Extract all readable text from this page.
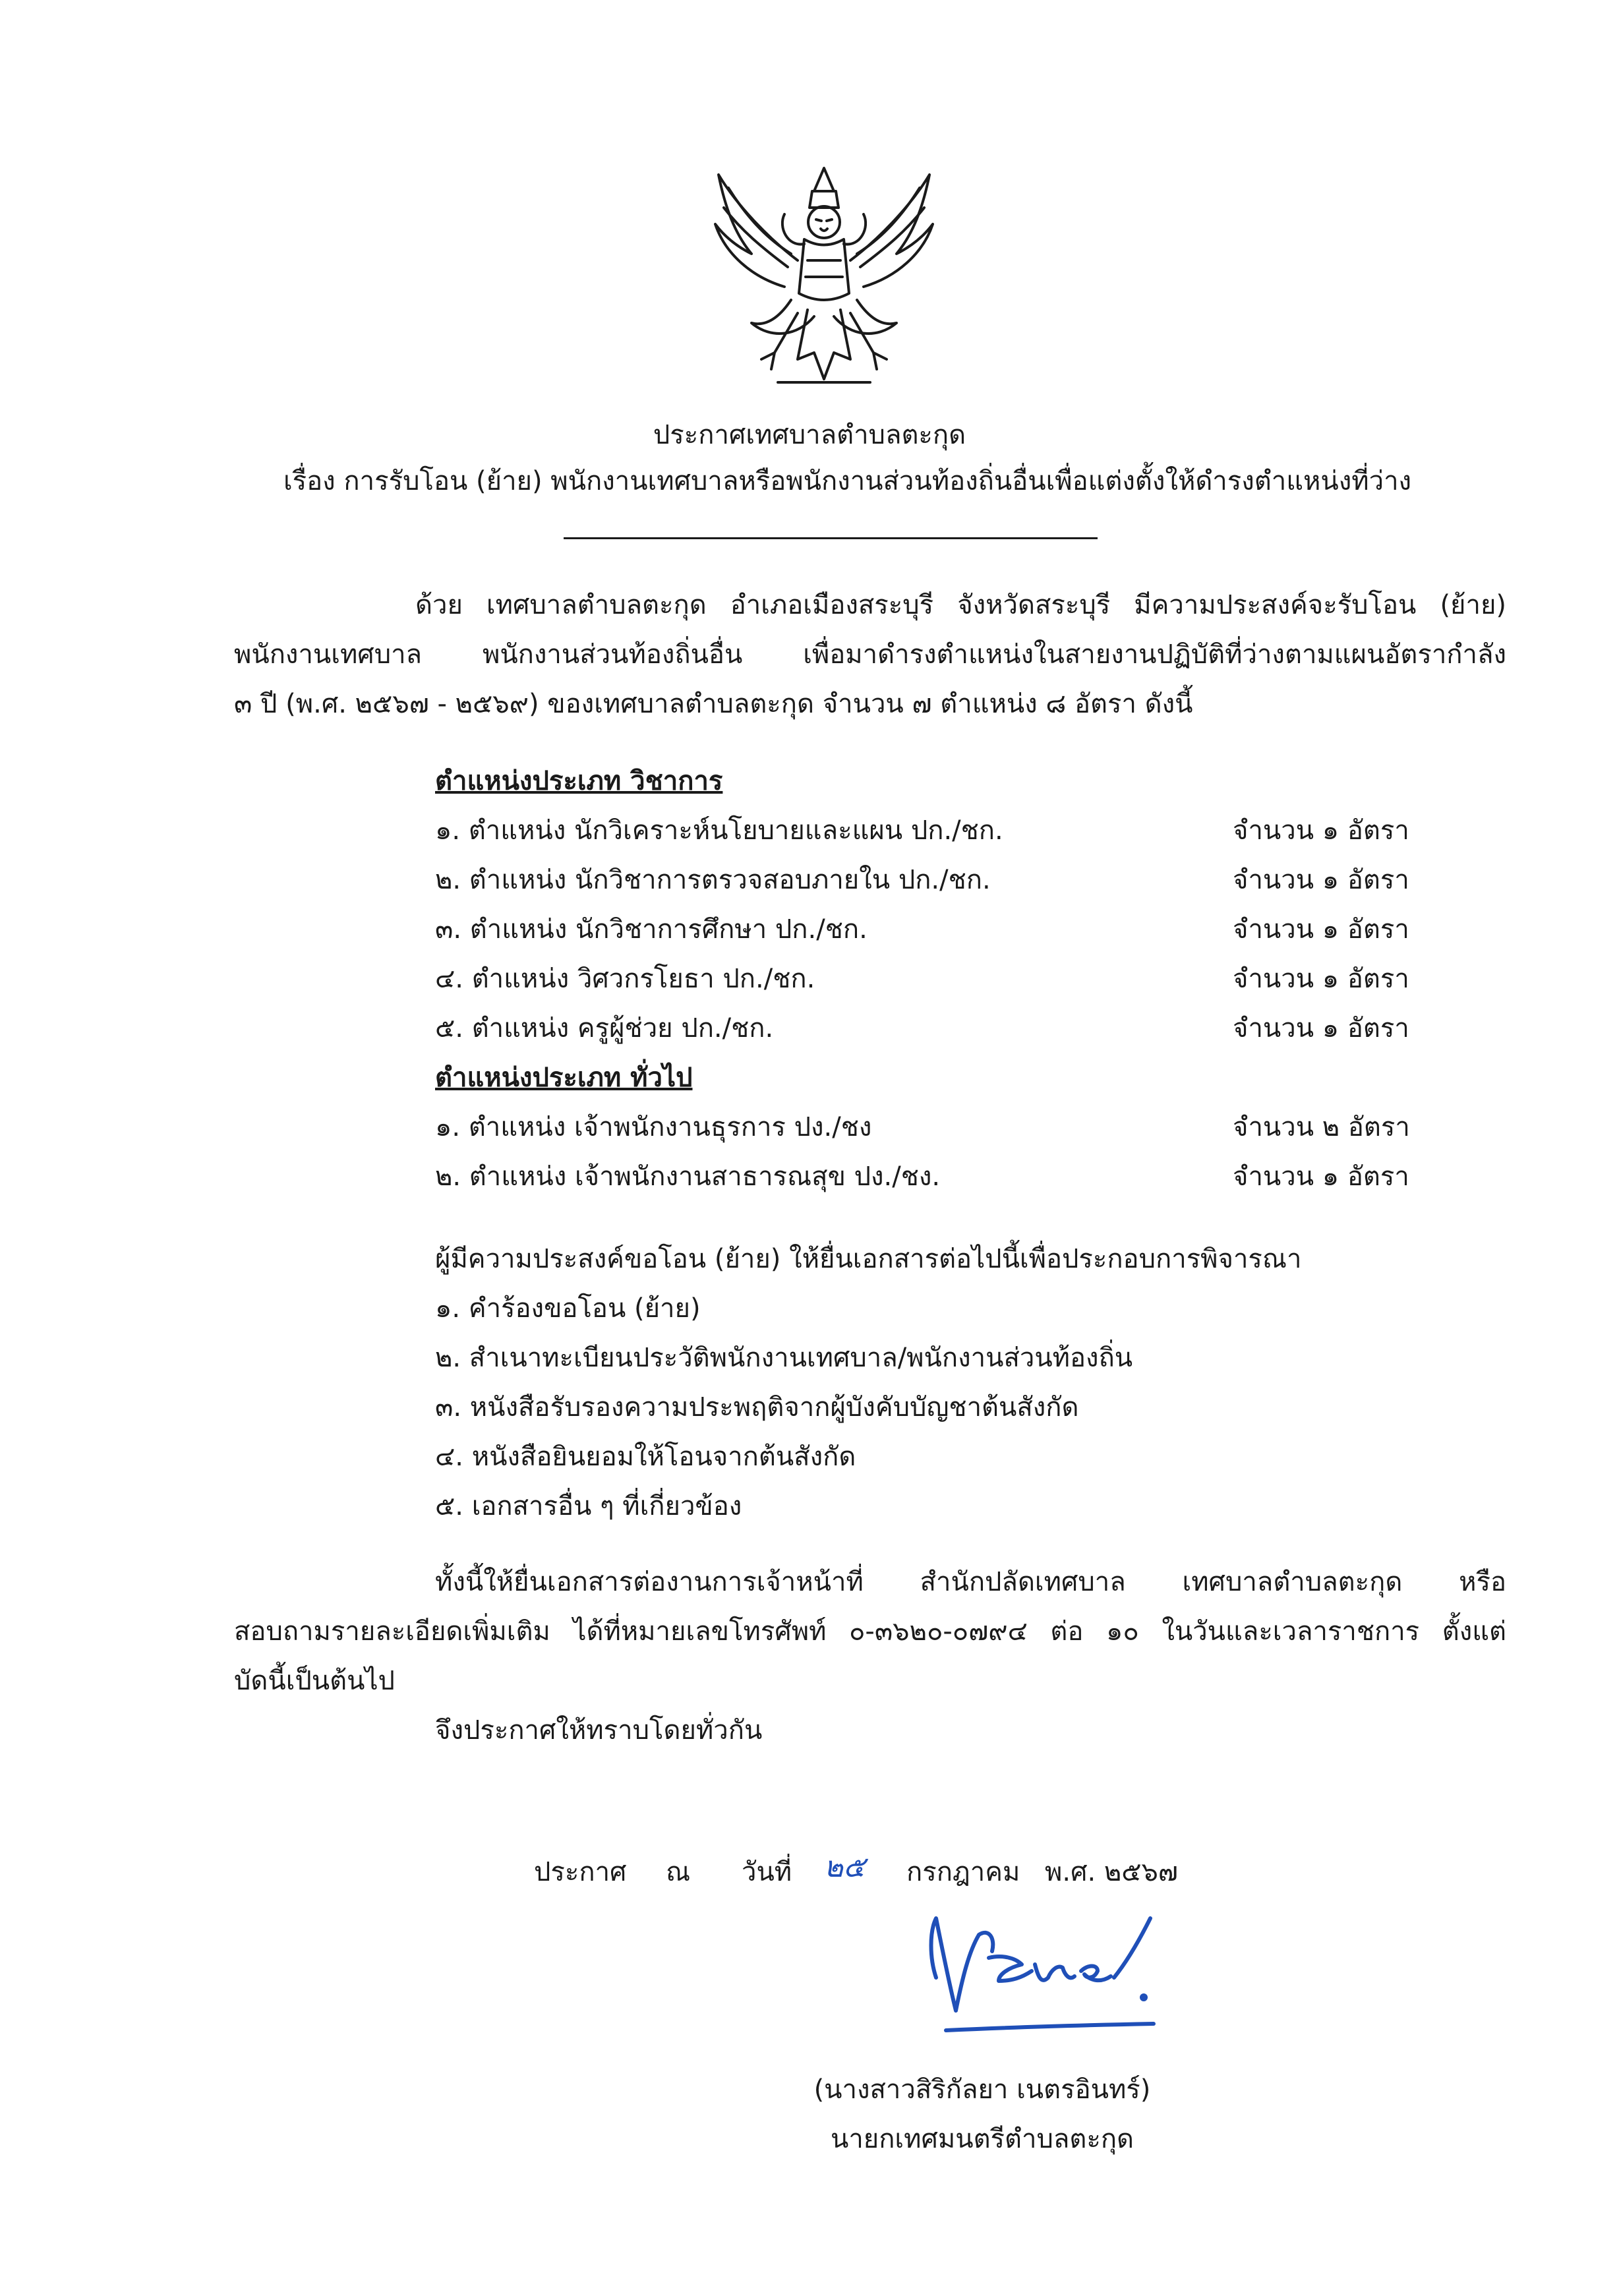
ประกาศเทศบาลตำบลตะกุด
เรื่อง การรับโอน (ย้าย) พนักงานเทศบาลหรือพนักงานส่วนท้องถิ่นอื่นเพื่อแต่งตั้งให้ดำรงตำแหน่งที่ว่าง
ด้วย เทศบาลตำบลตะกุด อำเภอเมืองสระบุรี จังหวัดสระบุรี มีความประสงค์จะรับโอน (ย้าย)
พนักงานเทศบาล พนักงานส่วนท้องถิ่นอื่น เพื่อมาดำรงตำแหน่งในสายงานปฏิบัติที่ว่างตามแผนอัตรากำลัง
๓ ปี (พ.ศ. ๒๕๖๗ - ๒๕๖๙) ของเทศบาลตำบลตะกุด จำนวน ๗ ตำแหน่ง ๘ อัตรา ดังนี้
ตำแหน่งประเภท วิชาการ
๑. ตำแหน่ง นักวิเคราะห์นโยบายและแผน ปก./ชก.	จำนวน ๑ อัตรา
๒. ตำแหน่ง นักวิชาการตรวจสอบภายใน ปก./ชก.	จำนวน ๑ อัตรา
๓. ตำแหน่ง นักวิชาการศึกษา ปก./ชก.	จำนวน ๑ อัตรา
๔. ตำแหน่ง วิศวกรโยธา ปก./ชก.	จำนวน ๑ อัตรา
๕. ตำแหน่ง ครูผู้ช่วย ปก./ชก.	จำนวน ๑ อัตรา
ตำแหน่งประเภท ทั่วไป
๑. ตำแหน่ง เจ้าพนักงานธุรการ ปง./ชง	จำนวน ๒ อัตรา
๒. ตำแหน่ง เจ้าพนักงานสาธารณสุข ปง./ชง.	จำนวน ๑ อัตรา
ผู้มีความประสงค์ขอโอน (ย้าย) ให้ยื่นเอกสารต่อไปนี้เพื่อประกอบการพิจารณา
๑. คำร้องขอโอน (ย้าย)
๒. สำเนาทะเบียนประวัติพนักงานเทศบาล/พนักงานส่วนท้องถิ่น
๓. หนังสือรับรองความประพฤติจากผู้บังคับบัญชาต้นสังกัด
๔. หนังสือยินยอมให้โอนจากต้นสังกัด
๕. เอกสารอื่น ๆ ที่เกี่ยวข้อง
ทั้งนี้ให้ยื่นเอกสารต่องานการเจ้าหน้าที่ สำนักปลัดเทศบาล เทศบาลตำบลตะกุด หรือ
สอบถามรายละเอียดเพิ่มเติม ได้ที่หมายเลขโทรศัพท์ ๐-๓๖๒๐-๐๗๙๔ ต่อ ๑๐ ในวันและเวลาราชการ ตั้งแต่
บัดนี้เป็นต้นไป
จึงประกาศให้ทราบโดยทั่วกัน
ประกาศ ณ วันที่ ๒๕ กรกฎาคม พ.ศ. ๒๕๖๗
(นางสาวสิริกัลยา เนตรอินทร์)
นายกเทศมนตรีตำบลตะกุด
